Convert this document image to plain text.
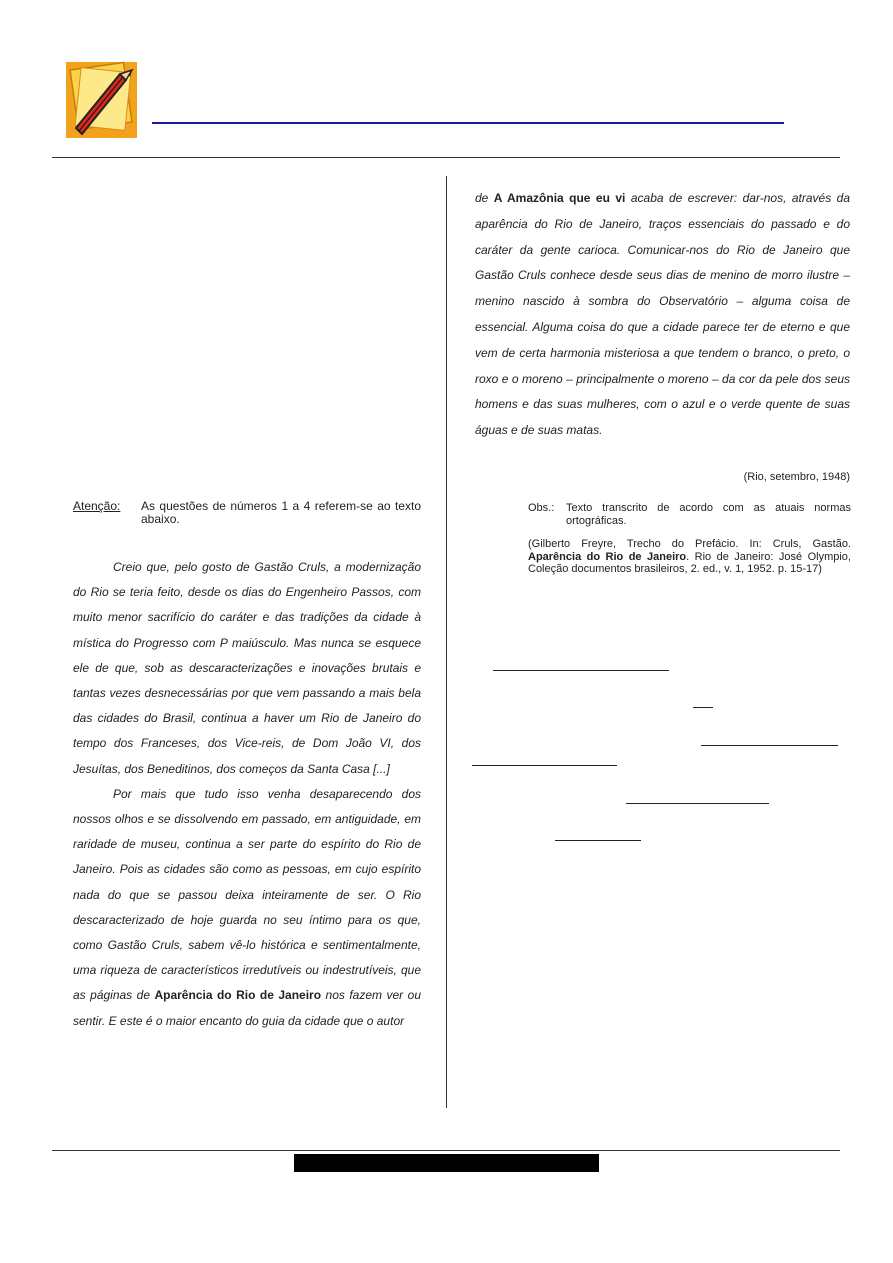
Atenção: As questões de números 1 a 4 referem-se ao texto abaixo.

Creio que, pelo gosto de Gastão Cruls, a modernização do Rio se teria feito, desde os dias do Engenheiro Passos, com muito menor sacrifício do caráter e das tradições da cidade à mística do Progresso com P maiúsculo. Mas nunca se esquece ele de que, sob as descaracterizações e inovações brutais e tantas vezes desnecessárias por que vem passando a mais bela das cidades do Brasil, continua a haver um Rio de Janeiro do tempo dos Franceses, dos Vice-reis, de Dom João VI, dos Jesuítas, dos Beneditinos, dos começos da Santa Casa [...]

Por mais que tudo isso venha desaparecendo dos nossos olhos e se dissolvendo em passado, em antiguidade, em raridade de museu, continua a ser parte do espírito do Rio de Janeiro. Pois as cidades são como as pessoas, em cujo espírito nada do que se passou deixa inteiramente de ser. O Rio descaracterizado de hoje guarda no seu íntimo para os que, como Gastão Cruls, sabem vê-lo histórica e sentimentalmente, uma riqueza de característicos irredutíveis ou indestrutíveis, que as páginas de Aparência do Rio de Janeiro nos fazem ver ou sentir. E este é o maior encanto do guia da cidade que o autor

de A Amazônia que eu vi acaba de escrever: dar-nos, através da aparência do Rio de Janeiro, traços essenciais do passado e do caráter da gente carioca. Comunicar-nos do Rio de Janeiro que Gastão Cruls conhece desde seus dias de menino de morro ilustre – menino nascido à sombra do Observatório – alguma coisa de essencial. Alguma coisa do que a cidade parece ter de eterno e que vem de certa harmonia misteriosa a que tendem o branco, o preto, o roxo e o moreno – principalmente o moreno – da cor da pele dos seus homens e das suas mulheres, com o azul e o verde quente de suas águas e de suas matas.

(Rio, setembro, 1948)
Obs.: Texto transcrito de acordo com as atuais normas ortográficas.
(Gilberto Freyre, Trecho do Prefácio. In: Cruls, Gastão. Aparência do Rio de Janeiro. Rio de Janeiro: José Olympio, Coleção documentos brasileiros, 2. ed., v. 1, 1952. p. 15-17)
